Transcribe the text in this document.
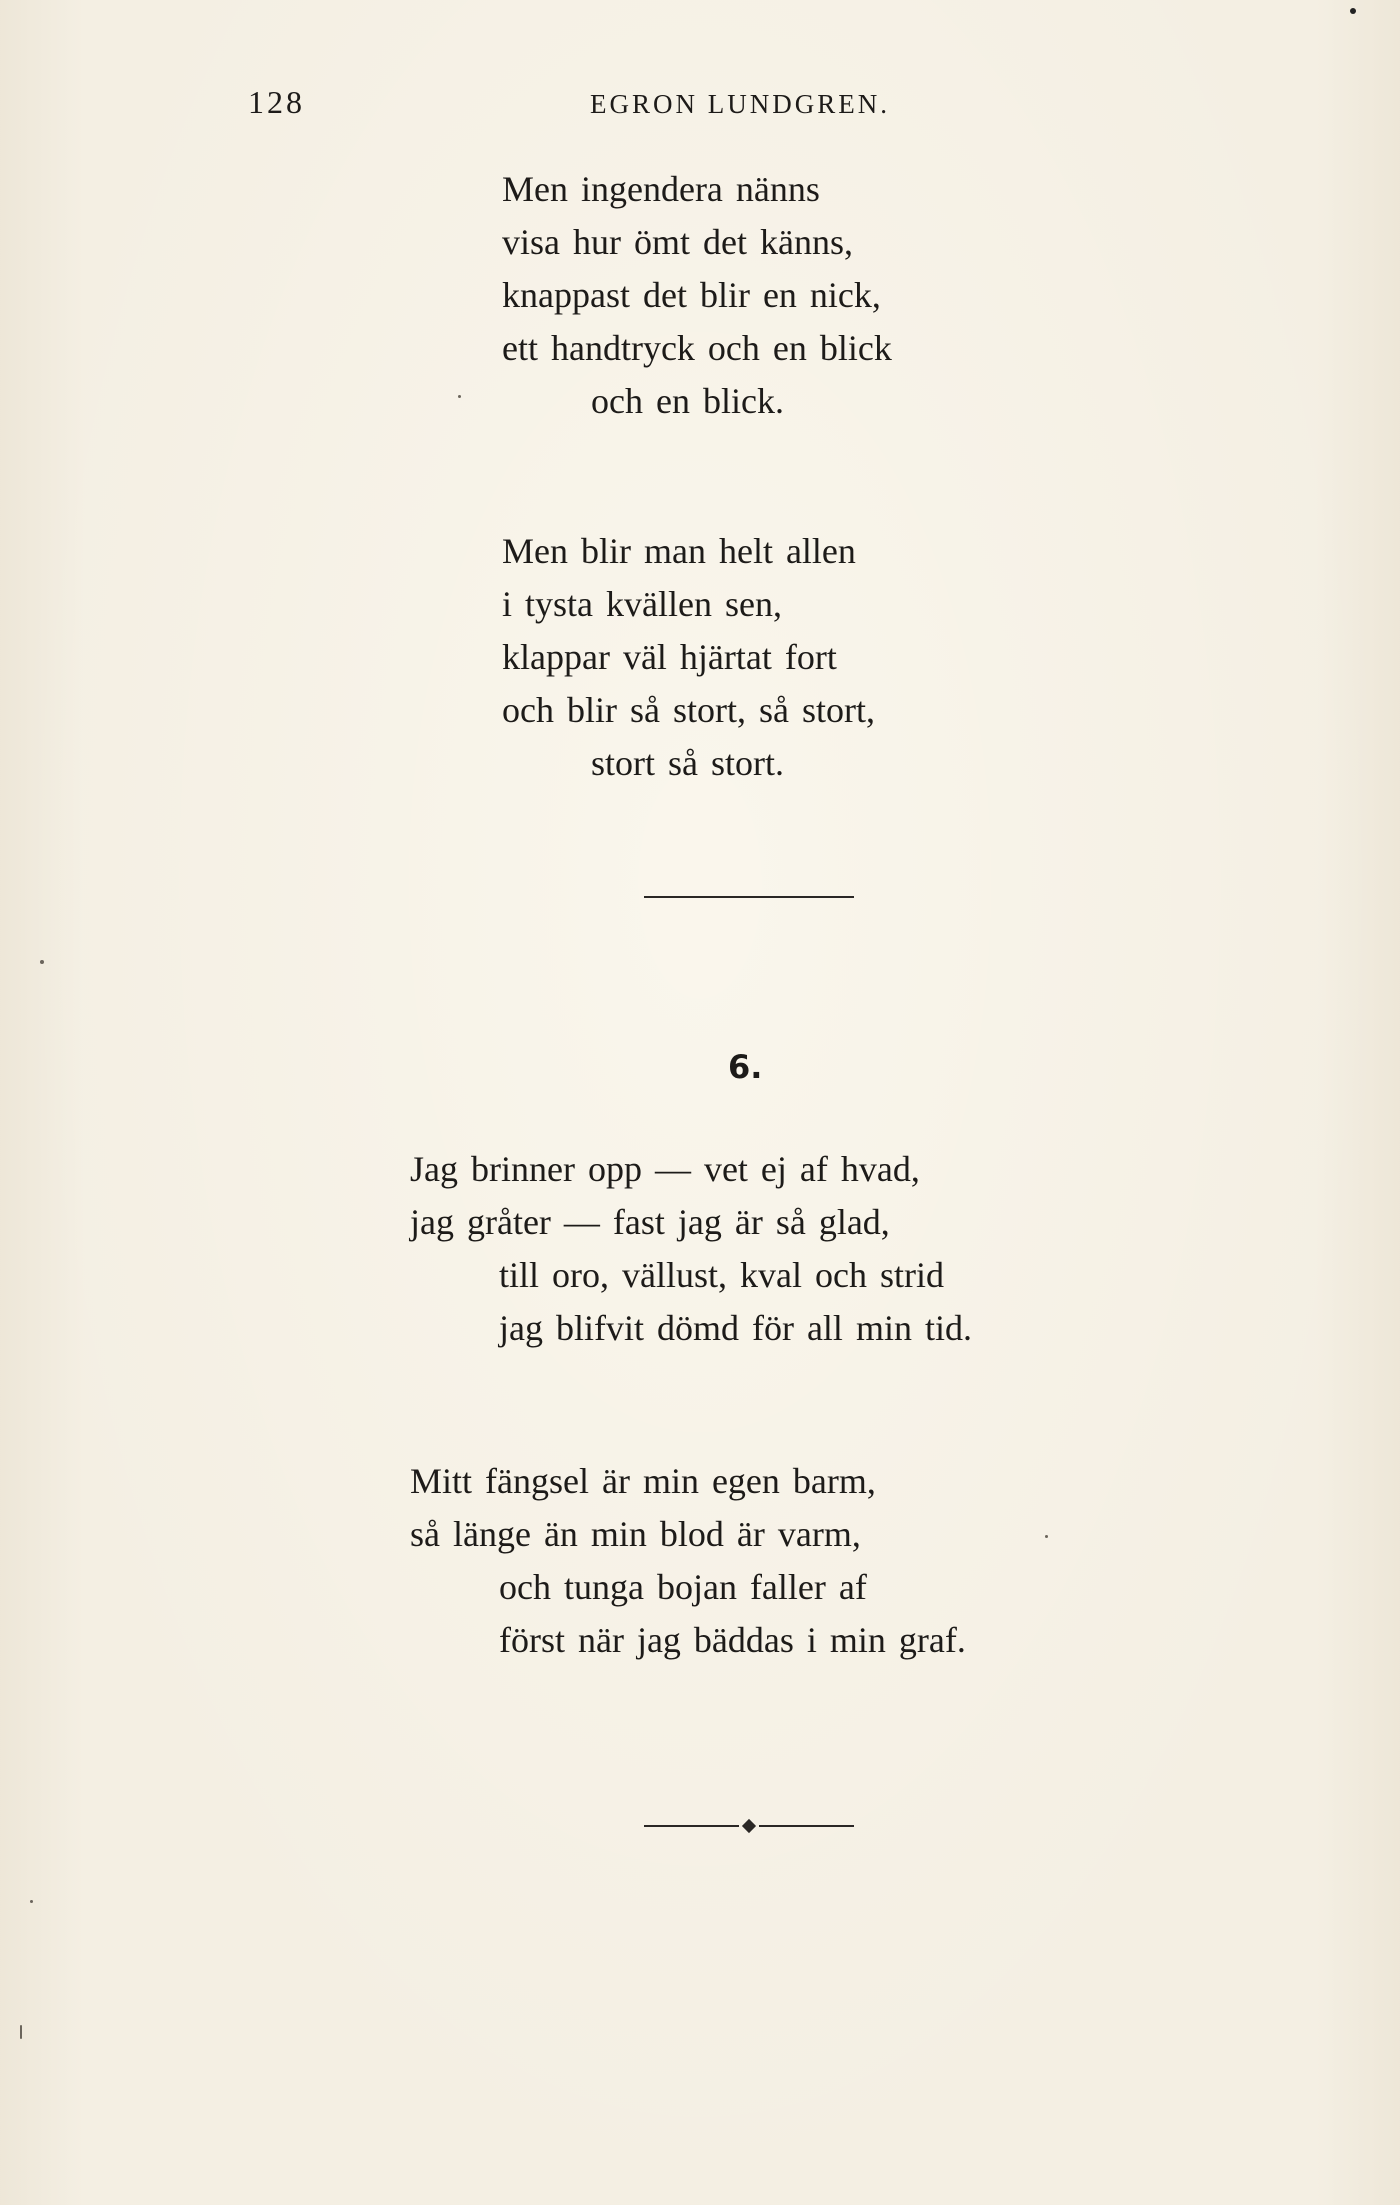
128	EGRON LUNDGREN.
Men ingendera nänns
visa hur ömt det känns,
knappast det blir en nick,
ett handtryck och en blick
och en blick.
Men blir man helt allen
i tysta kvällen sen,
klappar väl hjärtat fort
och blir så stort, så stort,
stort så stort.
6.
Jag brinner opp — vet ej af hvad,
jag gråter — fast jag är så glad,
till oro, vällust, kval och strid
jag blifvit dömd för all min tid.
Mitt fängsel är min egen barm,
så länge än min blod är varm,
och tunga bojan faller af
först när jag bäddas i min graf.
